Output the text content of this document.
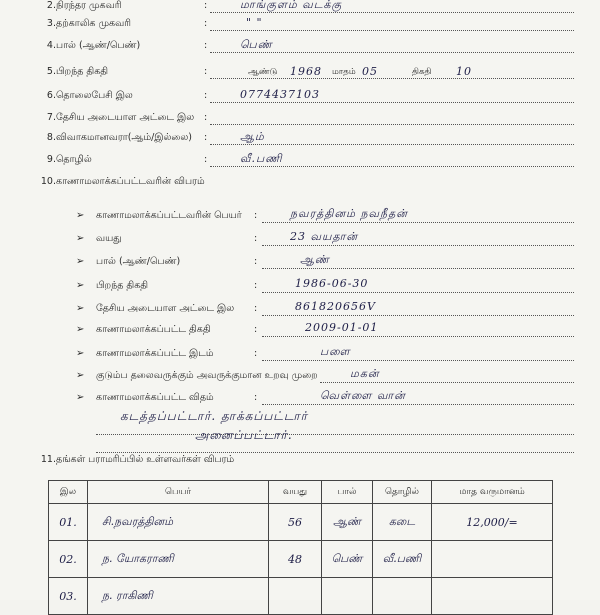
2. நிரந்தர முகவரி	:	மாங்குளம் வடக்கு
3. தற்காலிக முகவரி	:	" "
4. பால் (ஆண்/பெண்)	:	பெண்
5. பிறந்த திகதி	:	ஆண்டு 1968 மாதம் 05	திகதி 10
6. தொலைபேசி இல	:	0774437103
7. தேசிய அடையாள அட்டை இல :
8. விவாகமானவரா(ஆம்/இல்லை) :	ஆம்
9. தொழில்	:	வீ.பணி
10. காணாமலாக்கப்பட்டவரின் விபரம்
➢ காணாமலாக்கப்பட்டவரின் பெயர் :	நவரத்தினம் நவநீதன்
➢ வயது	:	23 வயதான்
➢ பால் (ஆண்/பெண்)	:	ஆண்
➢ பிறந்த திகதி	:	1986-06-30
➢ தேசிய அடையாள அட்டை இல :	861820656V
➢ காணாமலாக்கப்பட்ட திகதி	:	2009-01-01
➢ காணாமலாக்கப்பட்ட இடம்	:	பளை
➢ குடும்ப தலைவருக்கும் அவருக்குமான உறவு முறை	மகன்
➢ காணாமலாக்கப்பட்ட விதம்	:	வெள்ளை வான்
கடத்தப்பட்டார். தாக்கப்பட்டார்
அனைப்பட்டார்.
11. தங்கள் பராமரிப்பில் உள்ளவர்கள் விபரம்
இல	பெயர்	வயது	பால்	தொழில்	மாத வருமானம்
01.	சி.நவரத்தினம்	56	ஆண்	கடை	12,000/=
02.	ந. யோகராணி	48	பெண்	வீ.பணி	
03.	ந. ராகிணி				
